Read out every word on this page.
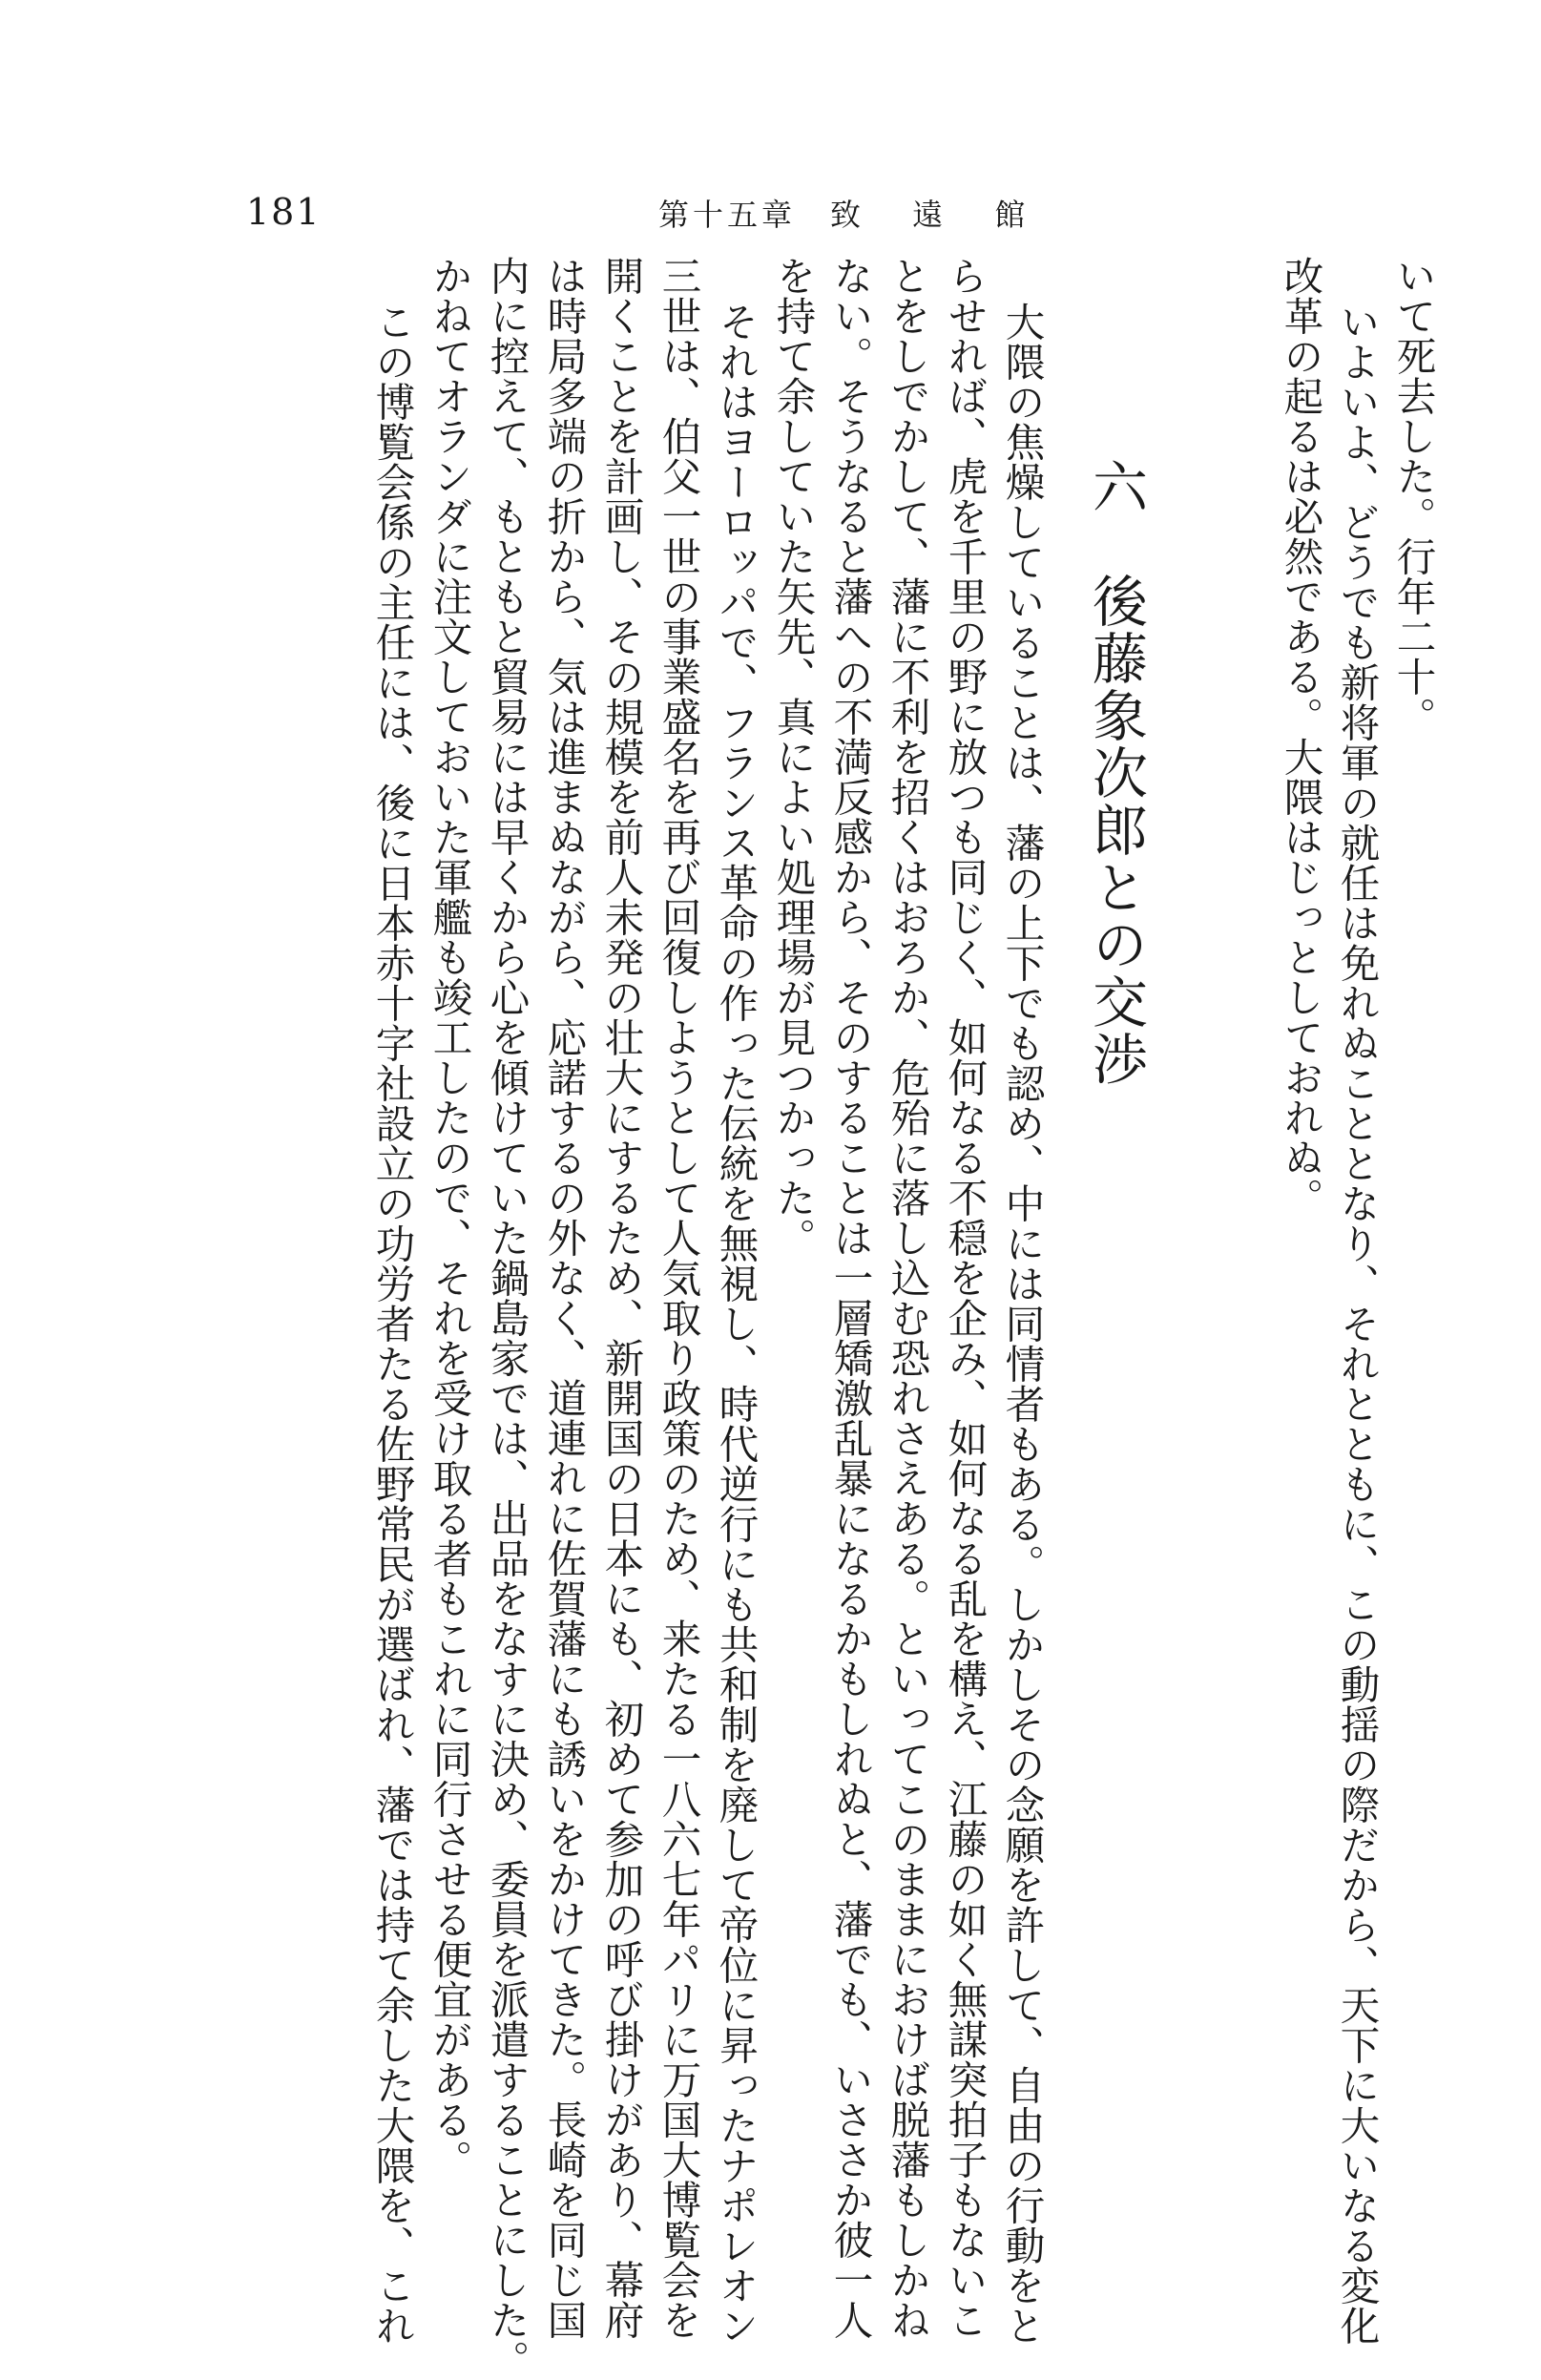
181	第十五章　致　 遠　 館
いて死去した。行年二十。
いよいよ、どうでも新将軍の就任は免れぬこととなり、それとともに、この動揺の際だから、天下に大いなる変化
改革の起るは必然である。大隈はじっとしておれぬ。
六　後藤象次郎との交渉
大隈の焦燥していることは、藩の上下でも認め、中には同情者もある。しかしその念願を許して、自由の行動をと
らせれば、虎を千里の野に放つも同じく、如何なる不穏を企み、如何なる乱を構え、江藤の如く無謀突拍子もないこ
とをしでかして、藩に不利を招くはおろか、危殆に落し込む恐れさえある。といってこのままにおけば脱藩もしかね
ない。そうなると藩への不満反感から、そのすることは一層矯激乱暴になるかもしれぬと、藩でも、いささか彼一人
を持て余していた矢先、真によい処理場が見つかった。
それはヨーロッパで、フランス革命の作った伝統を無視し、時代逆行にも共和制を廃して帝位に昇ったナポレオン
三世は、伯父一世の事業盛名を再び回復しようとして人気取り政策のため、来たる一八六七年パリに万国大博覧会を
開くことを計画し、その規模を前人未発の壮大にするため、新開国の日本にも、初めて参加の呼び掛けがあり、幕府
は時局多端の折から、気は進まぬながら、応諾するの外なく、道連れに佐賀藩にも誘いをかけてきた。長崎を同じ国
内に控えて、もともと貿易には早くから心を傾けていた鍋島家では、出品をなすに決め、委員を派遣することにした。
かねてオランダに注文しておいた軍艦も竣工したので、それを受け取る者もこれに同行させる便宜がある。
この博覧会係の主任には、後に日本赤十字社設立の功労者たる佐野常民が選ばれ、藩では持て余した大隈を、これ
